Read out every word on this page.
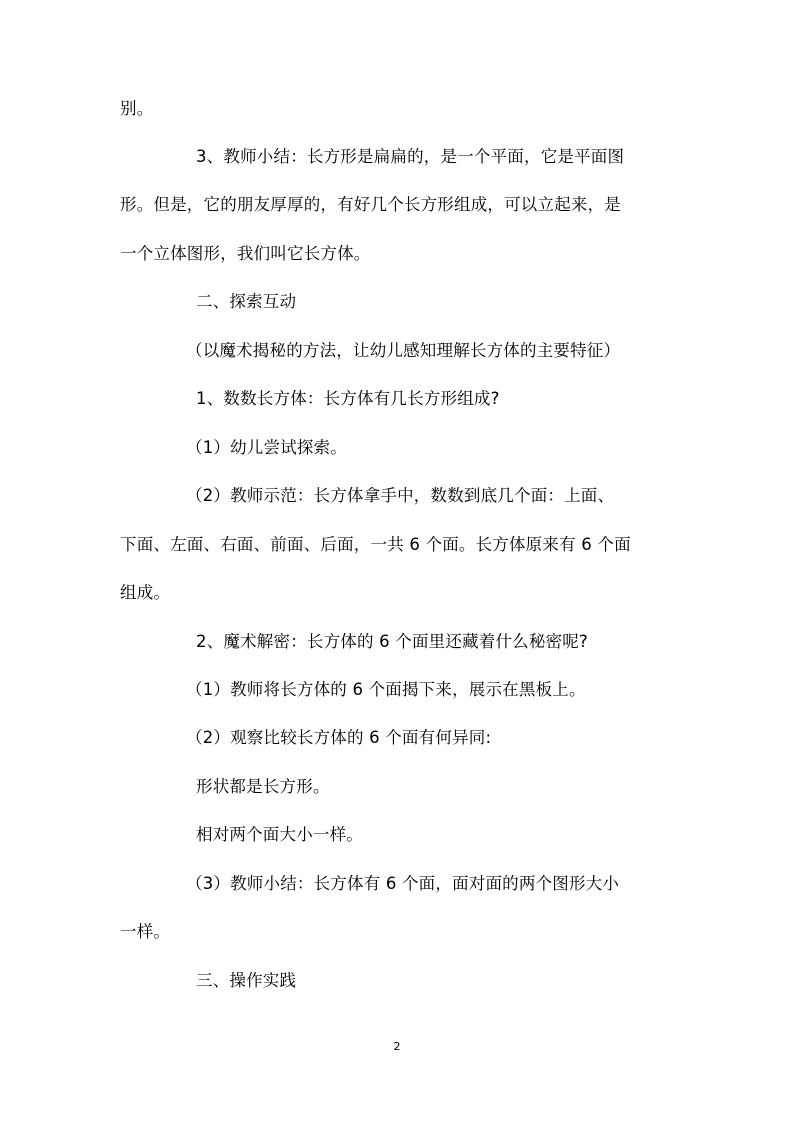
别。
3、教师小结：长方形是扁扁的，是一个平面，它是平面图
形。但是，它的朋友厚厚的，有好几个长方形组成，可以立起来，是
一个立体图形，我们叫它长方体。
二、探索互动
（以魔术揭秘的方法，让幼儿感知理解长方体的主要特征）
1、数数长方体：长方体有几长方形组成?
（1）幼儿尝试探索。
（2）教师示范：长方体拿手中，数数到底几个面：上面、
下面、左面、右面、前面、后面，一共 6 个面。长方体原来有 6 个面
组成。
2、魔术解密：长方体的 6 个面里还藏着什么秘密呢?
（1）教师将长方体的 6 个面揭下来，展示在黑板上。
（2）观察比较长方体的 6 个面有何异同:
形状都是长方形。
相对两个面大小一样。
（3）教师小结：长方体有 6 个面，面对面的两个图形大小
一样。
三、操作实践
2
